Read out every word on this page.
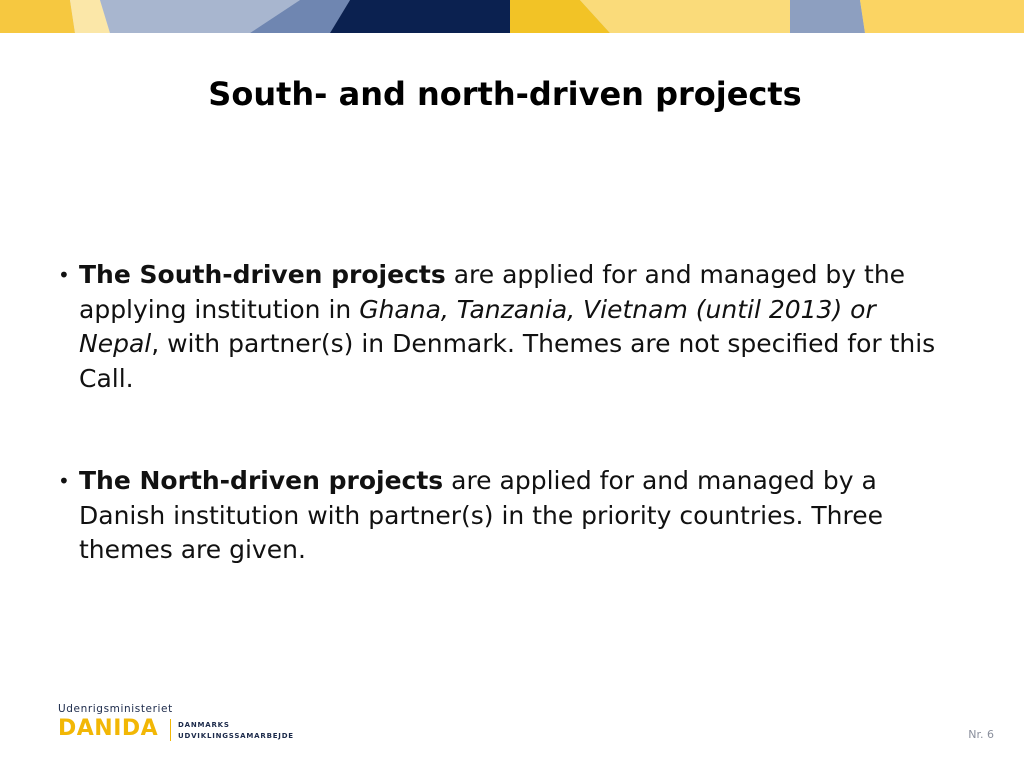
South- and north-driven projects
• The South-driven projects are applied for and managed by the applying institution in Ghana, Tanzania, Vietnam (until 2013) or Nepal, with partner(s) in Denmark. Themes are not specified for this Call.
• The North-driven projects are applied for and managed by a Danish institution with partner(s) in the priority countries. Three themes are given.
Udenrigsministeriet
DANIDA	DANMARKS
UDVIKLINGSSAMARBEJDE	Nr. 6
